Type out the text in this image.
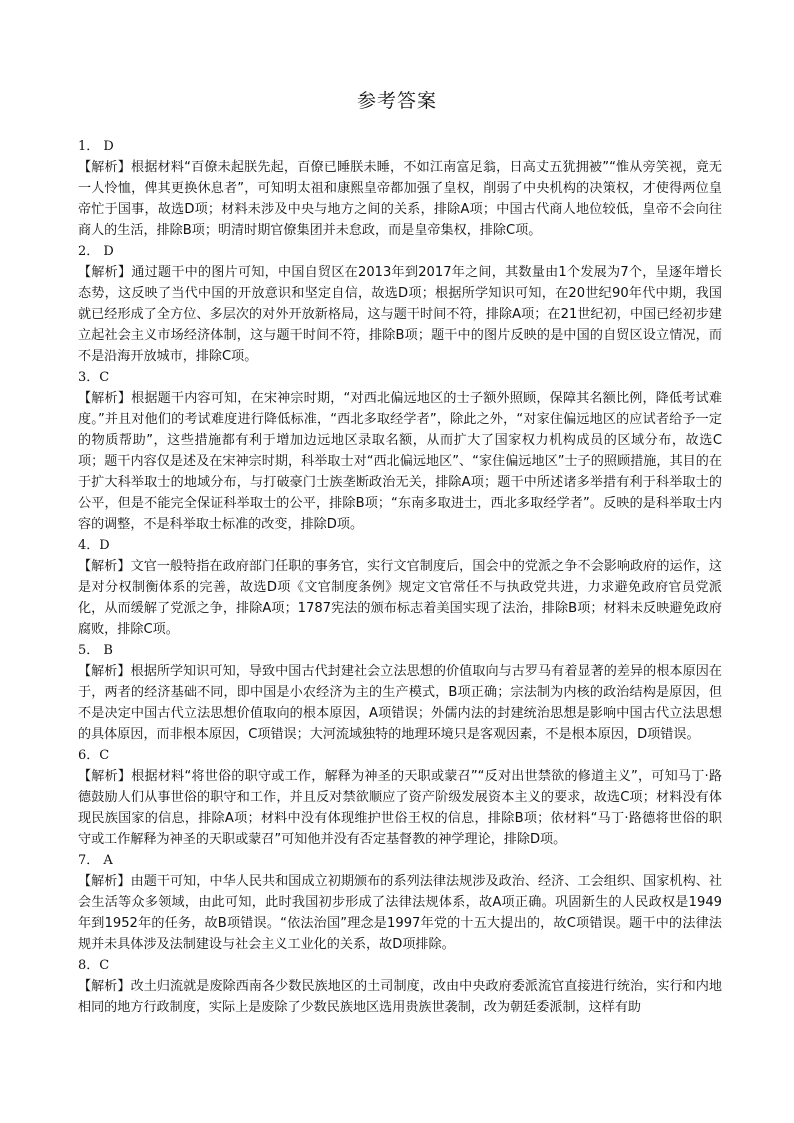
参考答案
1． D

【解析】根据材料“百僚未起朕先起，百僚已睡朕未睡，不如江南富足翁，日高丈五犹拥被”“惟从旁笑视，竟无一人怜恤，俾其更换休息者”，可知明太祖和康熙皇帝都加强了皇权，削弱了中央机构的决策权，才使得两位皇帝忙于国事，故选D项；材料未涉及中央与地方之间的关系，排除A项；中国古代商人地位较低，皇帝不会向往商人的生活，排除B项；明清时期官僚集团并未怠政，而是皇帝集权，排除C项。

2． D

【解析】通过题干中的图片可知，中国自贸区在2013年到2017年之间，其数量由1个发展为7个，呈逐年增长态势，这反映了当代中国的开放意识和坚定自信，故选D项；根据所学知识可知，在20世纪90年代中期，我国就已经形成了全方位、多层次的对外开放新格局，这与题干时间不符，排除A项；在21世纪初，中国已经初步建立起社会主义市场经济体制，这与题干时间不符，排除B项；题干中的图片反映的是中国的自贸区设立情况，而不是沿海开放城市，排除C项。

3．C

【解析】根据题干内容可知，在宋神宗时期，“对西北偏远地区的士子额外照顾，保障其名额比例，降低考试难度。”并且对他们的考试难度进行降低标准，“西北多取经学者”，除此之外，“对家住偏远地区的应试者给予一定的物质帮助”，这些措施都有利于增加边远地区录取名额，从而扩大了国家权力机构成员的区域分布，故选C项；题干内容仅是述及在宋神宗时期，科举取士对“西北偏远地区”、“家住偏远地区”士子的照顾措施，其目的在于扩大科举取士的地域分布，与打破豪门士族垄断政治无关，排除A项；题干中所述诸多举措有利于科举取士的公平，但是不能完全保证科举取士的公平，排除B项；“东南多取进士，西北多取经学者”。反映的是科举取士内容的调整，不是科举取士标准的改变，排除D项。

4．D

【解析】文官一般特指在政府部门任职的事务官，实行文官制度后，国会中的党派之争不会影响政府的运作，这是对分权制衡体系的完善，故选D项《文官制度条例》规定文官常任不与执政党共进，力求避免政府官员党派化，从而缓解了党派之争，排除A项；1787宪法的颁布标志着美国实现了法治，排除B项；材料未反映避免政府腐败，排除C项。

5． B

【解析】根据所学知识可知，导致中国古代封建社会立法思想的价值取向与古罗马有着显著的差异的根本原因在于，两者的经济基础不同，即中国是小农经济为主的生产模式，B项正确；宗法制为内核的政治结构是原因，但不是决定中国古代立法思想价值取向的根本原因，A项错误；外儒内法的封建统治思想是影响中国古代立法思想的具体原因，而非根本原因，C项错误；大河流域独特的地理环境只是客观因素，不是根本原因，D项错误。

6．C

【解析】根据材料“将世俗的职守或工作，解释为神圣的天职或蒙召”“反对出世禁欲的修道主义”，可知马丁·路德鼓励人们从事世俗的职守和工作，并且反对禁欲顺应了资产阶级发展资本主义的要求，故选C项；材料没有体现民族国家的信息，排除A项；材料中没有体现维护世俗王权的信息，排除B项；依材料“马丁·路德将世俗的职守或工作解释为神圣的天职或蒙召”可知他并没有否定基督教的神学理论，排除D项。

7． A

【解析】由题干可知，中华人民共和国成立初期颁布的系列法律法规涉及政治、经济、工会组织、国家机构、社会生活等众多领域，由此可知，此时我国初步形成了法律法规体系，故A项正确。巩固新生的人民政权是1949年到1952年的任务，故B项错误。“依法治国”理念是1997年党的十五大提出的，故C项错误。题干中的法律法规并未具体涉及法制建设与社会主义工业化的关系，故D项排除。

8．C

【解析】改土归流就是废除西南各少数民族地区的土司制度，改由中央政府委派流官直接进行统治，实行和内地相同的地方行政制度，实际上是废除了少数民族地区选用贵族世袭制，改为朝廷委派制，这样有助
